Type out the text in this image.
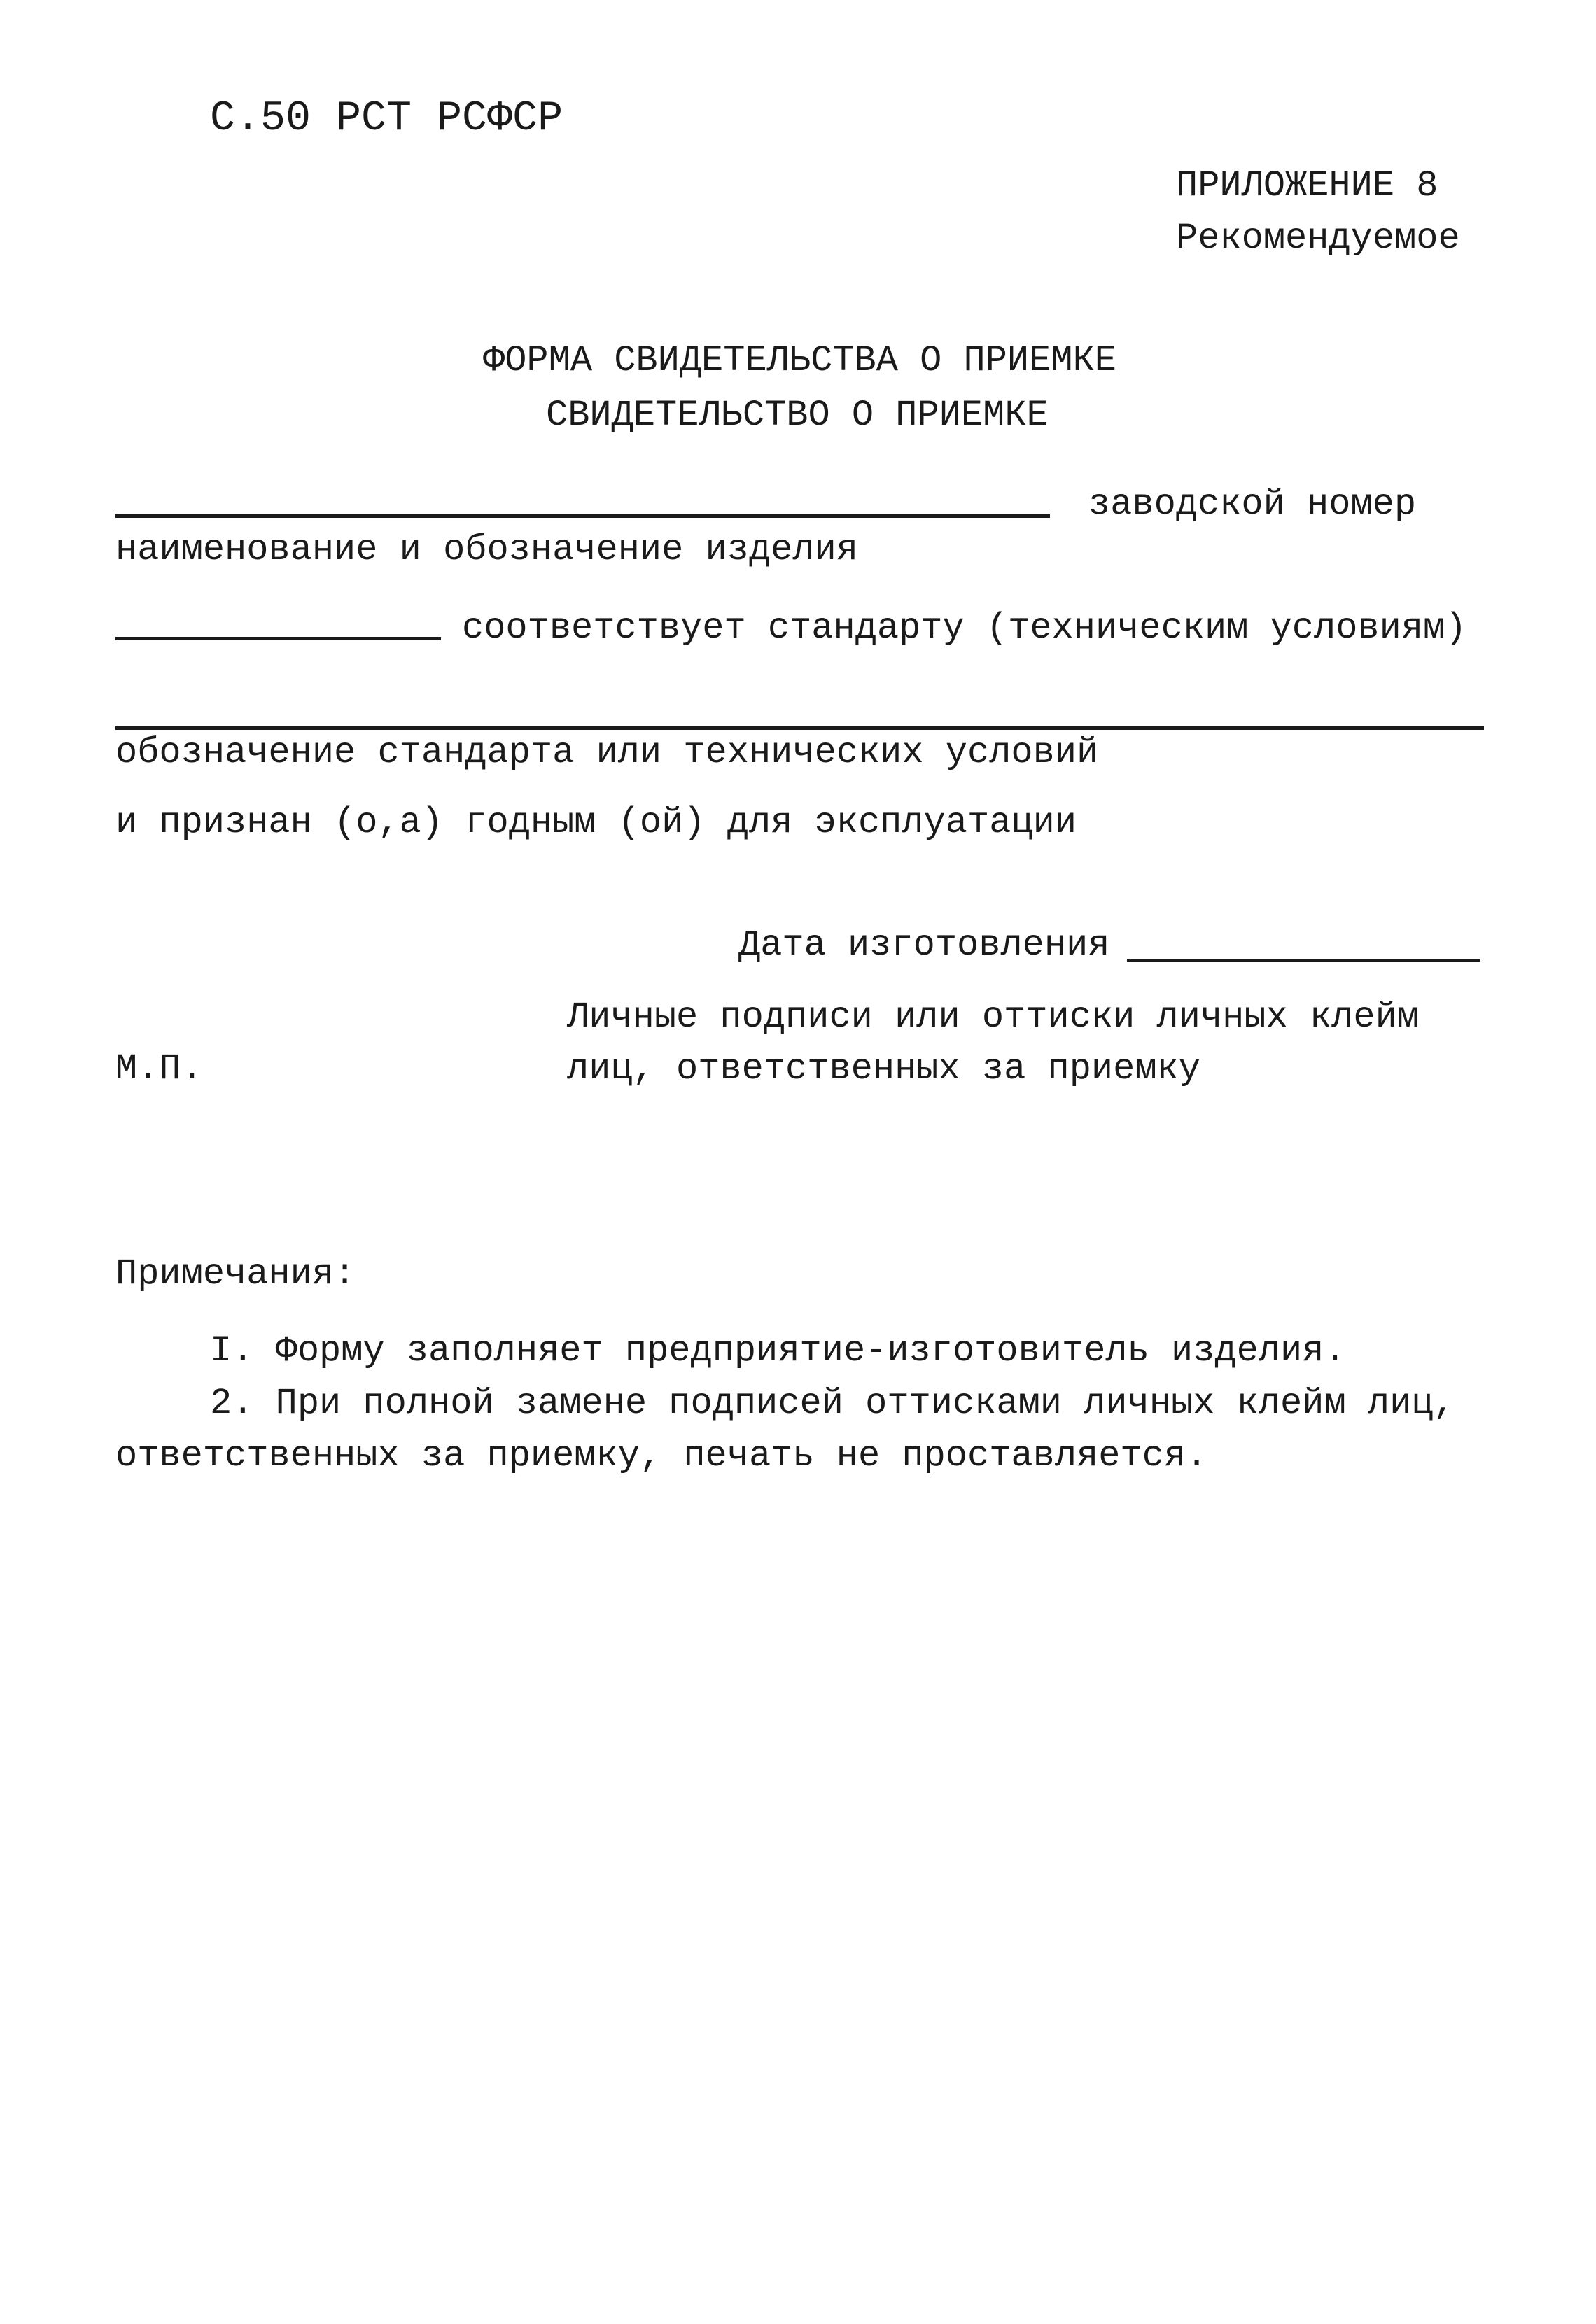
С.50 РСТ РСФСР
ПРИЛОЖЕНИЕ 8
Рекомендуемое
ФОРМА СВИДЕТЕЛЬСТВА О ПРИЕМКЕ
СВИДЕТЕЛЬСТВО О ПРИЕМКЕ
заводской номер
наименование и обозначение изделия
соответствует стандарту (техническим условиям)
обозначение стандарта или технических условий
и признан (о,а) годным (ой) для эксплуатации
Дата изготовления
Личные подписи или оттиски личных клейм
лиц, ответственных за приемку
М.П.
Примечания:
I. Форму заполняет предприятие-изготовитель изделия.
2. При полной замене подписей оттисками личных клейм лиц,
ответственных за приемку, печать не проставляется.
